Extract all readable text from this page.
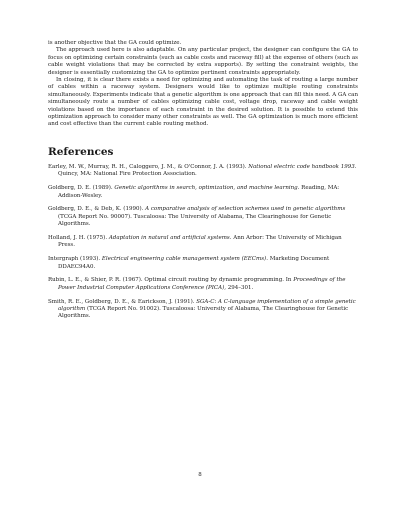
is another objective that the GA could optimize.

The approach used here is also adaptable. On any particular project, the designer can configure the GA to focus on optimizing certain constraints (such as cable costs and raceway fill) at the expense of others (such as cable weight violations that may be corrected by extra supports). By setting the constraint weights, the designer is essentially customizing the GA to optimize pertinent constraints appropriately.

In closing, it is clear there exists a need for optimizing and automating the task of routing a large number of cables within a raceway system. Designers would like to optimize multiple routing constraints simultaneously. Experiments indicate that a genetic algorithm is one approach that can fill this need. A GA can simultaneously route a number of cables optimizing cable cost, voltage drop, raceway and cable weight violations based on the importance of each constraint in the desired solution. It is possible to extend this optimization approach to consider many other constraints as well. The GA optimization is much more efficient and cost effective than the current cable routing method.

References

Earley, M. W., Murray, R. H., Caloggero, J. M., & O'Connor, J. A. (1993). National electric code handbook 1993. Quincy, MA: National Fire Protection Association.

Goldberg, D. E. (1989). Genetic algorithms in search, optimization, and machine learning. Reading, MA: Addison-Wesley.

Goldberg, D. E., & Deb, K. (1990). A comparative analysis of selection schemes used in genetic algorithms (TCGA Report No. 90007). Tuscaloosa: The University of Alabama, The Clearinghouse for Genetic Algorithms.

Holland, J. H. (1975). Adaptation in natural and artificial systems. Ann Arbor: The University of Michigan Press.

Intergraph (1993). Electrical engineering cable management system (EECms). Marketing Document DDAEC94A0.

Rubin, L. E., & Shier, P. R. (1967). Optimal circuit routing by dynamic programming. In Proceedings of the Power Industrial Computer Applications Conference (PICA), 294–301.

Smith, R. E., Goldberg, D. E., & Earickson, J. (1991). SGA-C: A C-language implementation of a simple genetic algorithm (TCGA Report No. 91002). Tuscaloosa: University of Alabama, The Clearinghouse for Genetic Algorithms.

8
